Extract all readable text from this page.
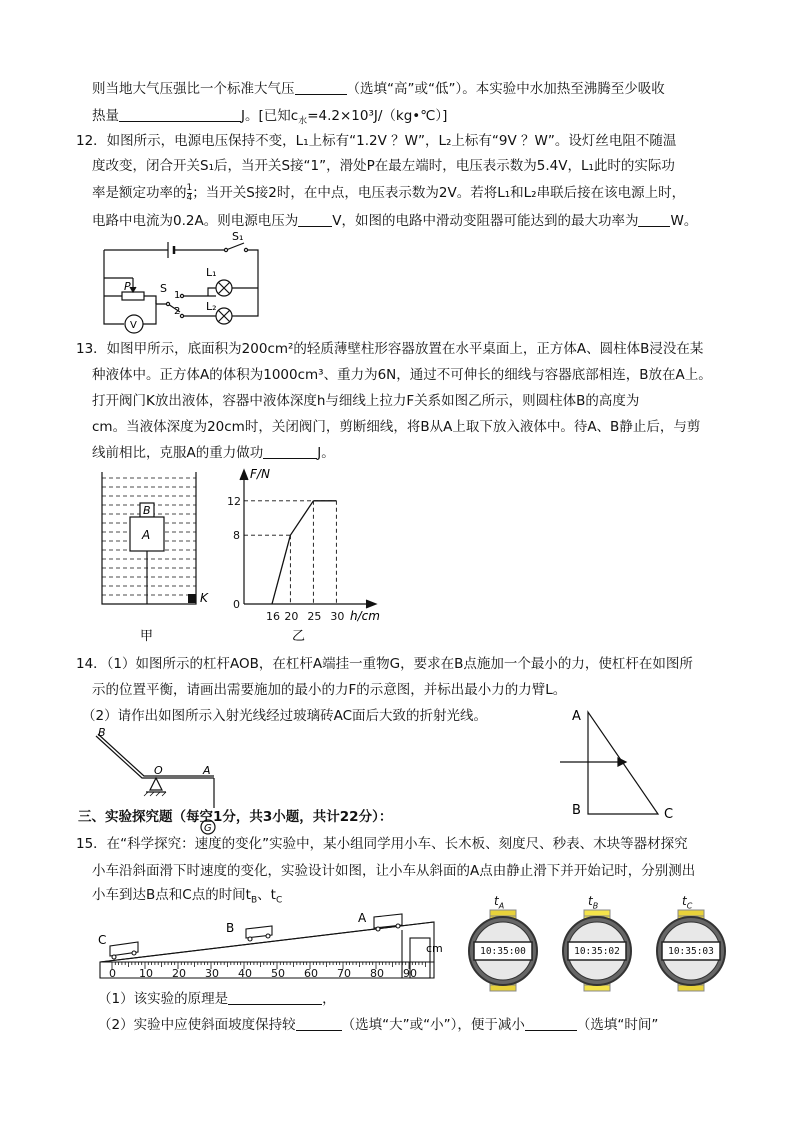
则当地大气压强比一个标准大气压	（选填“高”或“低”）。本实验中水加热至沸腾至少吸收
热量	J。[已知$c_水=4.2\times 10^3J/(kg•℃)$]
12．如图所示，电源电压保持不变，L₁上标有“1.2V ？W”，L₂上标有“9V ？W”。设灯丝电阻不随温
度改变，闭合开关S₁后，当开关S接“1”，滑处P在最左端时，电压表示数为5.4V，L₁此时的实际功
率是额定功率的 $\frac{1}{4}$ ；当开关S接2时，在中点，电压表示数为2V。若将L₁和L₂串联后接在该电源上时，
电路中电流为0.2A。则电源电压为	V，如图的电路中滑动变阻器可能达到的最大功率为 W。
S₁
L₁
L₂
P	S
1
2
V
13．如图甲所示，底面积为200cm²的轻质薄壁柱形容器放置在水平桌面上，正方体A、圆柱体B浸没在某
种液体中。正方体A的体积为1000cm³、重力为6N，通过不可伸长的细线与容器底部相连，B放在A上。
打开阀门K放出液体，容器中液体深度h与细线上拉力F关系如图乙所示，则圆柱体B的高度为
cm。当液体深度为20cm时，关闭阀门，剪断细线，将B从A上取下放入液体中。待A、B静止后，与剪
线前相比，克服A的重力做功	J。
B
A
K
甲
16 20 25 30
0
8
12
F/N
h/cm
乙
14．（1）如图所示的杠杆AOB，在杠杆A端挂一重物G，要求在B点施加一个最小的力，使杠杆在如图所
示的位置平衡，请画出需要施加的最小的力F的示意图，并标出最小力的力臂L。
（2）请作出如图所示入射光线经过玻璃砖AC面后大致的折射光线。
B
O	A
G
A
B	C
三、实验探究题（每空1分，共3小题，共计22分）：
15．在“科学探究：速度的变化”实验中，某小组同学用小车、长木板、刻度尺、秒表、木块等器材探究
小车沿斜面滑下时速度的变化，实验设计如图，让小车从斜面的A点由静止滑下并开始记时，分别测出
小车到达B点和C点的时间$t_B$、$t_C$
0 10 20 30 40 50 60 70 80 90
C
B
A
cm
$t_A$
10:35:00
$t_B$
10:35:02
$t_C$
10:35:03
（1）该实验的原理是	，
（2）实验中应使斜面坡度保持较	（选填“大”或“小”），便于减小	（选填“时间”
